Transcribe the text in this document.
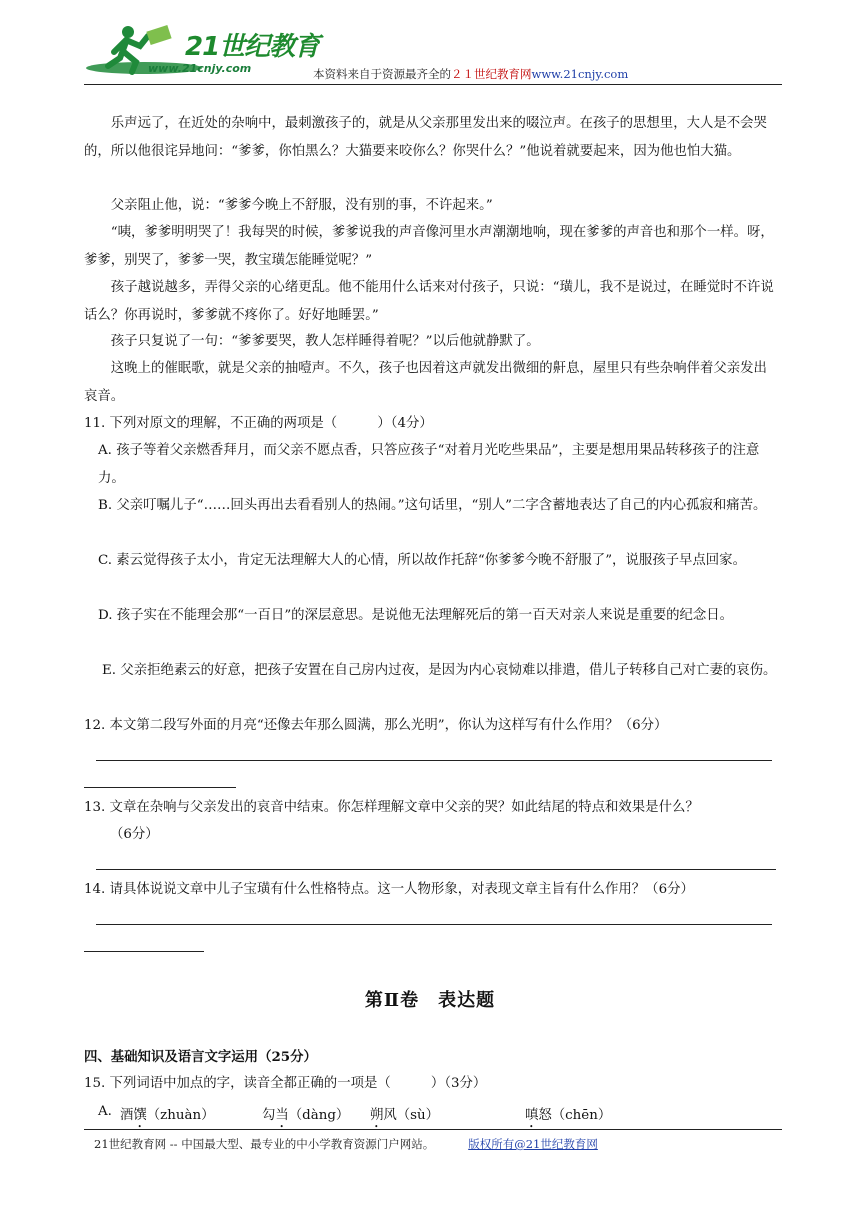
21世纪教育
www.21cnjy.com	本资料来自于资源最齐全的２１世纪教育网www.21cnjy.com
乐声远了，在近处的杂响中，最刺激孩子的，就是从父亲那里发出来的啜泣声。在孩子的思想里，大人是不会哭的，所以他很诧异地问：“爹爹，你怕黑么？大猫要来咬你么？你哭什么？”他说着就要起来，因为他也怕大猫。
父亲阻止他，说：“爹爹今晚上不舒服，没有别的事，不许起来。”
“咦，爹爹明明哭了！我每哭的时候，爹爹说我的声音像河里水声潮潮地响，现在爹爹的声音也和那个一样。呀，爹爹，别哭了，爹爹一哭，教宝璜怎能睡觉呢？”
孩子越说越多，弄得父亲的心绪更乱。他不能用什么话来对付孩子，只说：“璜儿，我不是说过，在睡觉时不许说话么？你再说时，爹爹就不疼你了。好好地睡罢。”
孩子只复说了一句：“爹爹要哭，教人怎样睡得着呢？”以后他就静默了。
这晚上的催眠歌，就是父亲的抽噎声。不久，孩子也因着这声就发出微细的鼾息，屋里只有些杂响伴着父亲发出哀音。
11. 下列对原文的理解，不正确的两项是（　　　）（4分）
A. 孩子等着父亲燃香拜月，而父亲不愿点香，只答应孩子“对着月光吃些果品”，主要是想用果品转移孩子的注意力。
B. 父亲叮嘱儿子“……回头再出去看看别人的热闹。”这句话里，“别人”二字含蓄地表达了自己的内心孤寂和痛苦。
C. 素云觉得孩子太小，肯定无法理解大人的心情，所以故作托辞“你爹爹今晚不舒服了”，说服孩子早点回家。
D. 孩子实在不能理会那“一百日”的深层意思。是说他无法理解死后的第一百天对亲人来说是重要的纪念日。
E. 父亲拒绝素云的好意，把孩子安置在自己房内过夜，是因为内心哀恸难以排遣，借儿子转移自己对亡妻的哀伤。
12. 本文第二段写外面的月亮“还像去年那么圆满，那么光明”，你认为这样写有什么作用？（6分）
13. 文章在杂响与父亲发出的哀音中结束。你怎样理解文章中父亲的哭？如此结尾的特点和效果是什么？
（6分）
14. 请具体说说文章中儿子宝璜有什么性格特点。这一人物形象，对表现文章主旨有什么作用？（6分）
第Ⅱ卷　表达题
四、基础知识及语言文字运用（25分）
15. 下列词语中加点的字，读音全都正确的一项是（　　　）（3分）
A. 酒馔（zhuàn）	勾当（dàng） 朔风（sù）	嗔怒（chēn）
21世纪教育网 -- 中国最大型、最专业的中小学教育资源门户网站。	版权所有@21世纪教育网
